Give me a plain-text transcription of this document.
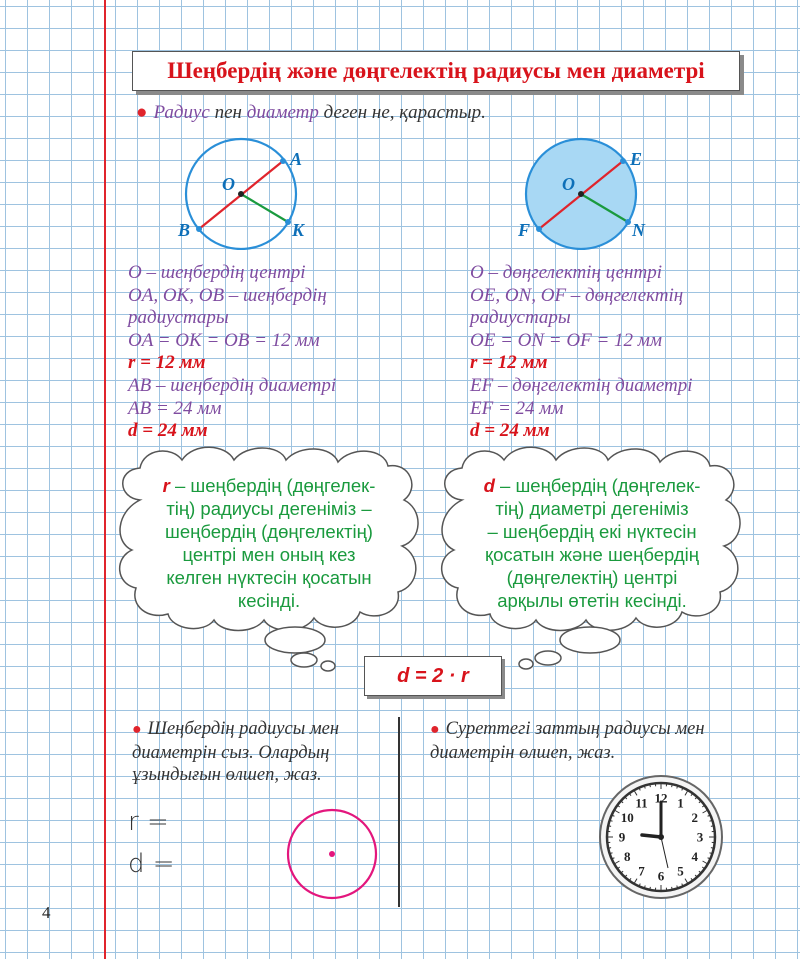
Шеңбердің және дөңгелектің радиусы мен диаметрі
● Радиус пен диаметр деген не, қарастыр.
O
A
B	K
O
E
F	N
O – шеңбердің центрі
OA, OK, OB – шеңбердің
радиустары
OA = OK = OB = 12 мм
r = 12 мм
AB – шеңбердің диаметрі
AB = 24 мм
d = 24 мм
O – дөңгелектің центрі
OE, ON, OF – дөңгелектің
радиустары
OE = ON = OF = 12 мм
r = 12 мм
EF – дөңгелектің диаметрі
EF = 24 мм
d = 24 мм
r – шеңбердің (дөңгелек-
тің) радиусы дегеніміз –
шеңбердің (дөңгелектің)
центрі мен оның кез
келген нүктесін қосатын
кесінді.
d – шеңбердің (дөңгелек-
тің) диаметрі дегеніміз
– шеңбердің екі нүктесін
қосатын және шеңбердің
(дөңгелектің) центрі
арқылы өтетін кесінді.
d = 2 · r
● Шеңбердің радиусы мен
диаметрін сыз. Олардың
ұзындығын өлшеп, жаз.
● Суреттегі заттың радиусы мен
диаметрін өлшеп, жаз.
r =
d =
12 1
2
3
4
5
6
7
8
9
10
11
4
